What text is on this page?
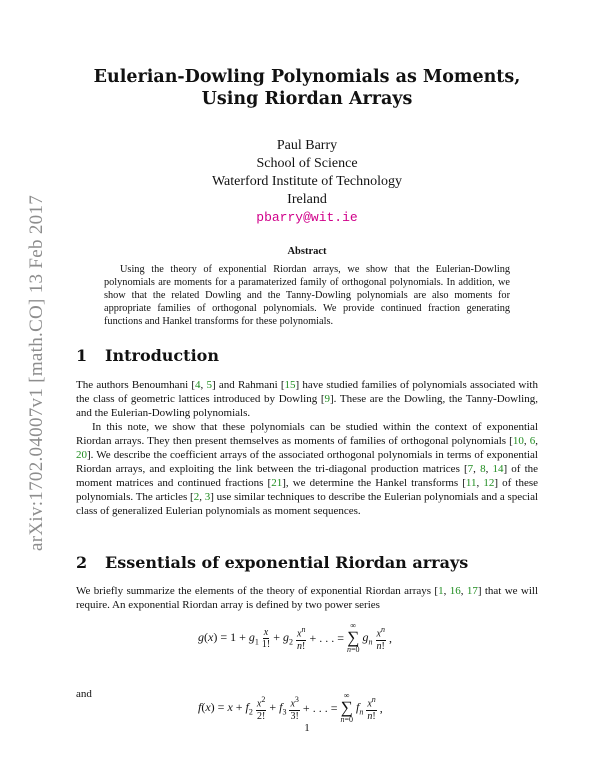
arXiv:1702.04007v1 [math.CO] 13 Feb 2017
Eulerian-Dowling Polynomials as Moments,
Using Riordan Arrays
Paul Barry
School of Science
Waterford Institute of Technology
Ireland
pbarry@wit.ie
Abstract
Using the theory of exponential Riordan arrays, we show that the Eulerian-Dowling polynomials are moments for a paramaterized family of orthogonal polynomials. In addition, we show that the related Dowling and the Tanny-Dowling polynomials are also moments for appropriate families of orthogonal polynomials. We provide continued fraction generating functions and Hankel transforms for these polynomials.
1 Introduction
The authors Benoumhani [4, 5] and Rahmani [15] have studied families of polynomials associated with the class of geometric lattices introduced by Dowling [9]. These are the Dowling, the Tanny-Dowling, and the Eulerian-Dowling polynomials.
In this note, we show that these polynomials can be studied within the context of exponential Riordan arrays. They then present themselves as moments of families of orthogonal polynomials [10, 6, 20]. We describe the coefficient arrays of the associated orthogonal polynomials in terms of exponential Riordan arrays, and exploiting the link between the tri-diagonal production matrices [7, 8, 14] of the moment matrices and continued fractions [21], we determine the Hankel transforms [11, 12] of these polynomials. The articles [2, 3] use similar techniques to describe the Eulerian polynomials and a special class of generalized Eulerian polynomials as moment sequences.
2 Essentials of exponential Riordan arrays
We briefly summarize the elements of the theory of exponential Riordan arrays [1, 16, 17] that we will require. An exponential Riordan array is defined by two power series
$g(x) = 1 + g_1 \frac{x}{1!} + g_2 \frac{x^n}{n!}$ + . . . =
∞
∑
n=0
$g_n \frac{x^n}{n!}$ ,
and
$f(x) = x + f_2 \frac{x^2}{2!} + f_3 \frac{x^3}{3!}$ + . . . =
∞
∑
n=0
$f_n \frac{x^n}{n!}$ ,
1
